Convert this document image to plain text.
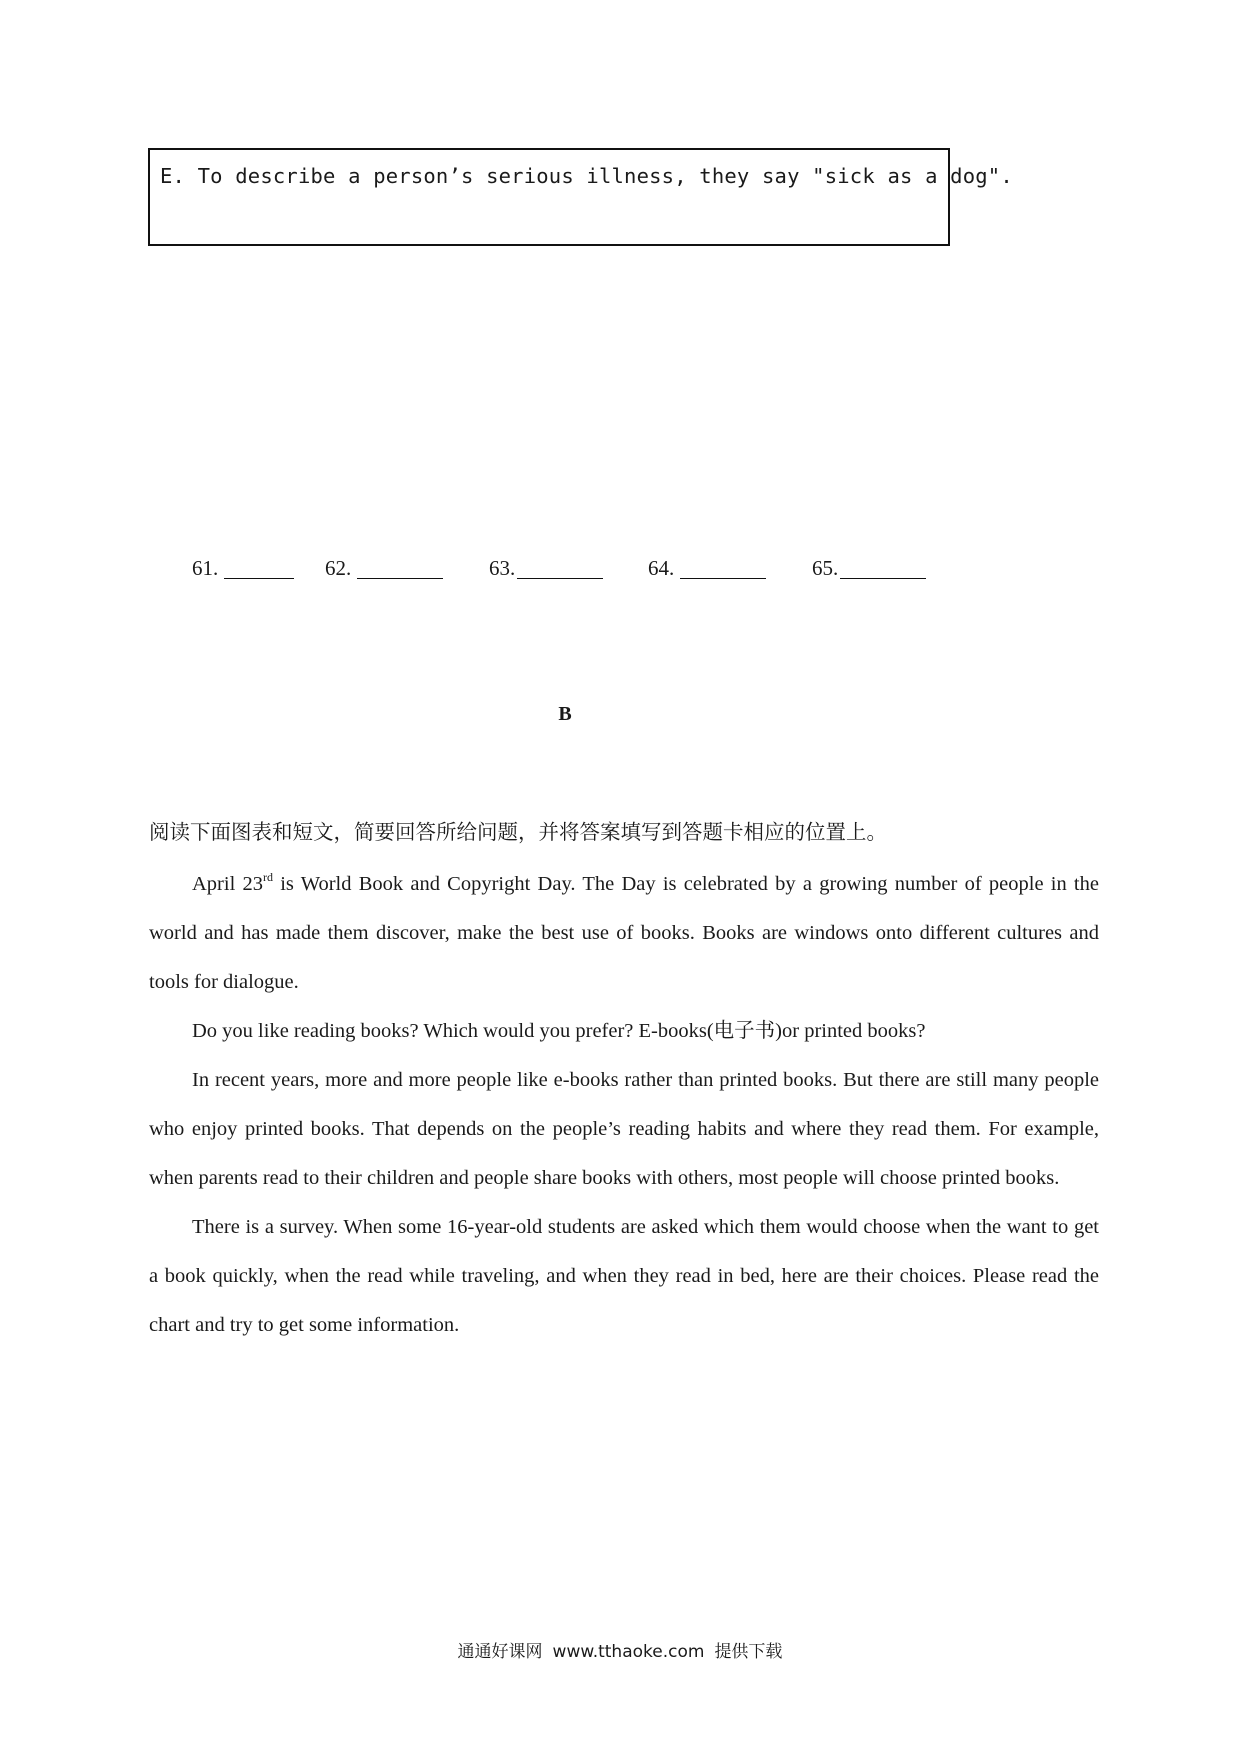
E. To describe a person’s serious illness, they say "sick as a dog".
61.	62.	63.	64.	65.
B
阅读下面图表和短文，简要回答所给问题，并将答案填写到答题卡相应的位置上。

April 23rd is World Book and Copyright Day. The Day is celebrated by a growing number of people in the world and has made them discover, make the best use of books. Books are windows onto different cultures and tools for dialogue.

Do you like reading books? Which would you prefer? E-books(电子书)or printed books?

In recent years, more and more people like e-books rather than printed books. But there are still many people who enjoy printed books. That depends on the people’s reading habits and where they read them. For example, when parents read to their children and people share books with others, most people will choose printed books.

There is a survey. When some 16-year-old students are asked which them would choose when the want to get a book quickly, when the read while traveling, and when they read in bed, here are their choices. Please read the chart and try to get some information.

通通好课网 www.tthaoke.com 提供下载
